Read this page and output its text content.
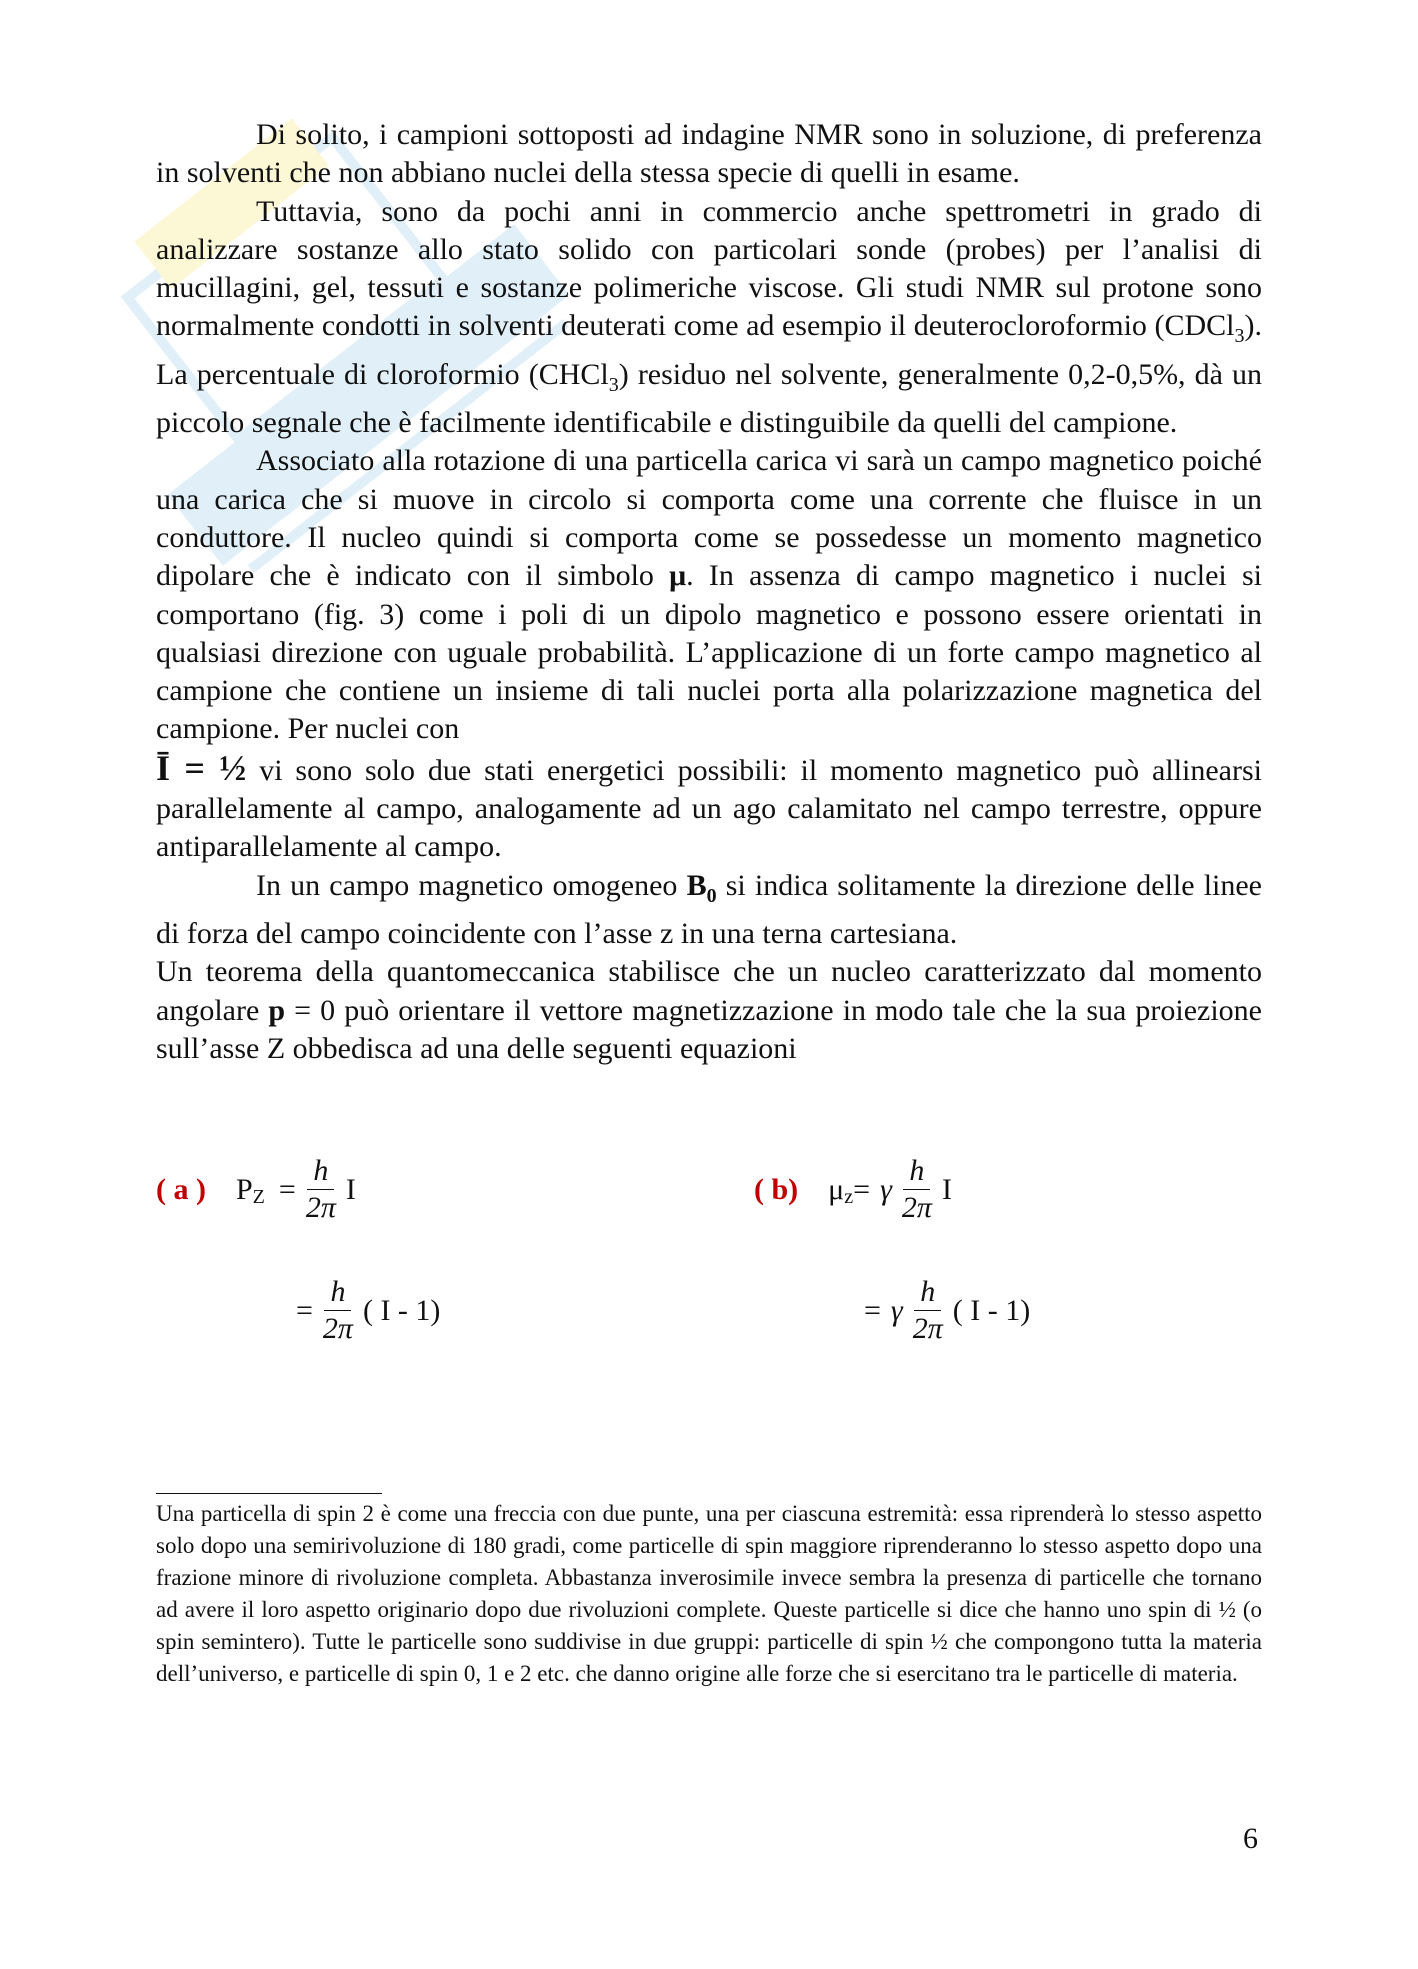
Di solito, i campioni sottoposti ad indagine NMR sono in soluzione, di preferenza in solventi che non abbiano nuclei della stessa specie di quelli in esame.

Tuttavia, sono da pochi anni in commercio anche spettrometri in grado di analizzare sostanze allo stato solido con particolari sonde (probes) per l’analisi di mucillagini, gel, tessuti e sostanze polimeriche viscose. Gli studi NMR sul protone sono normalmente condotti in solventi deuterati come ad esempio il deuterocloroformio (CDCl$_3$). La percentuale di cloroformio (CHCl$_3$) residuo nel solvente, generalmente 0,2-0,5%, dà un piccolo segnale che è facilmente identificabile e distinguibile da quelli del campione.

Associato alla rotazione di una particella carica vi sarà un campo magnetico poiché una carica che si muove in circolo si comporta come una corrente che fluisce in un conduttore. Il nucleo quindi si comporta come se possedesse un momento magnetico dipolare che è indicato con il simbolo μ. In assenza di campo magnetico i nuclei si comportano (fig. 3) come i poli di un dipolo magnetico e possono essere orientati in qualsiasi direzione con uguale probabilità. L’applicazione di un forte campo magnetico al campione che contiene un insieme di tali nuclei porta alla polarizzazione magnetica del campione. Per nuclei con

Ī = ½ vi sono solo due stati energetici possibili: il momento magnetico può allinearsi parallelamente al campo, analogamente ad un ago calamitato nel campo terrestre, oppure antiparallelamente al campo.

In un campo magnetico omogeneo $B_0$ si indica solitamente la direzione delle linee di forza del campo coincidente con l’asse z in una terna cartesiana.

Un teorema della quantomeccanica stabilisce che un nucleo caratterizzato dal momento angolare p = 0 può orientare il vettore magnetizzazione in modo tale che la sua proiezione sull’asse Z obbedisca ad una delle seguenti equazioni

( a ) P $Z = \frac{h}{2\pi}$ I
= $\frac{h}{2\pi}$ ( I - 1)
( b) μ z = γ $\frac{h}{2\pi}$ I
= γ $\frac{h}{2\pi}$ ( I - 1)
Una particella di spin 2 è come una freccia con due punte, una per ciascuna estremità: essa riprenderà lo stesso aspetto solo dopo una semirivoluzione di 180 gradi, come particelle di spin maggiore riprenderanno lo stesso aspetto dopo una frazione minore di rivoluzione completa. Abbastanza inverosimile invece sembra la presenza di particelle che tornano ad avere il loro aspetto originario dopo due rivoluzioni complete. Queste particelle si dice che hanno uno spin di ½ (o spin semintero). Tutte le particelle sono suddivise in due gruppi: particelle di spin ½ che compongono tutta la materia dell’universo, e particelle di spin 0, 1 e 2 etc. che danno origine alle forze che si esercitano tra le particelle di materia.
6
